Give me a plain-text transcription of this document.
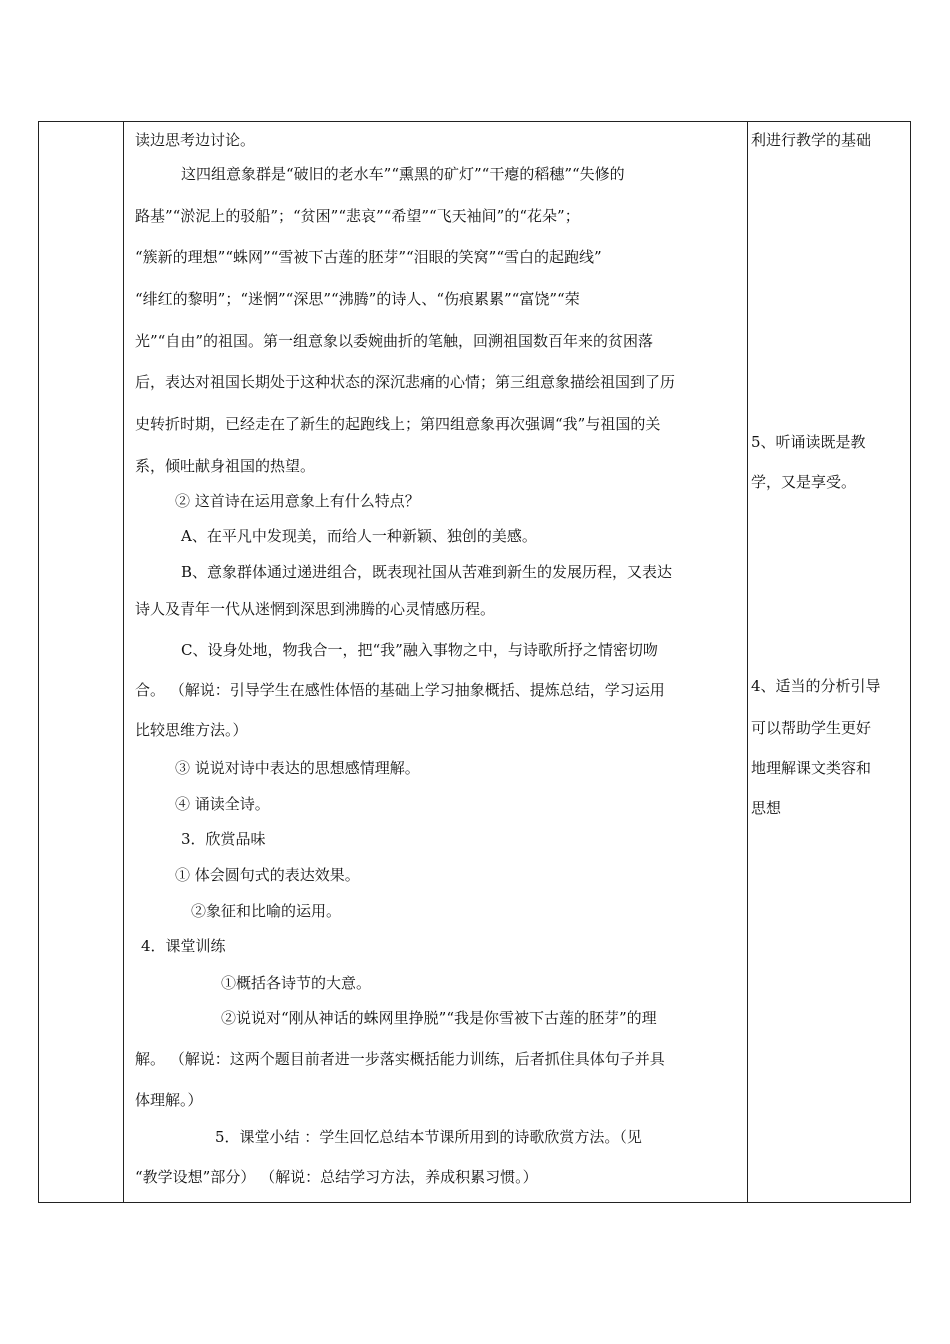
读边思考边讨论。
这四组意象群是“破旧的老水车”“熏黑的矿灯”“干瘪的稻穗”“失修的
路基”“淤泥上的驳船”；“贫困”“悲哀”“希望”“飞天袖间”的“花朵”；
“簇新的理想”“蛛网”“雪被下古莲的胚芽”“泪眼的笑窝”“雪白的起跑线”
“绯红的黎明”；“迷惘”“深思”“沸腾”的诗人、“伤痕累累”“富饶”“荣
光”“自由”的祖国。第一组意象以委婉曲折的笔触，回溯祖国数百年来的贫困落
后，表达对祖国长期处于这种状态的深沉悲痛的心情；第三组意象描绘祖国到了历
史转折时期，已经走在了新生的起跑线上；第四组意象再次强调“我”与祖国的关
系，倾吐献身祖国的热望。
② 这首诗在运用意象上有什么特点？
A、在平凡中发现美，而给人一种新颖、独创的美感。
B、意象群体通过递进组合，既表现社国从苦难到新生的发展历程，又表达
诗人及青年一代从迷惘到深思到沸腾的心灵情感历程。
C、设身处地，物我合一，把“我”融入事物之中，与诗歌所抒之情密切吻
合。 （解说：引导学生在感性体悟的基础上学习抽象概括、提炼总结，学习运用
比较思维方法。）
③ 说说对诗中表达的思想感情理解。
④ 诵读全诗。
3．欣赏品味
① 体会圆句式的表达效果。
②象征和比喻的运用。
4．课堂训练
①概括各诗节的大意。
②说说对“刚从神话的蛛网里挣脱”“我是你雪被下古莲的胚芽”的理
解。 （解说：这两个题目前者进一步落实概括能力训练，后者抓住具体句子并具
体理解。）
5．课堂小结 ：学生回忆总结本节课所用到的诗歌欣赏方法。（见
“教学设想”部分） （解说：总结学习方法，养成积累习惯。）
利进行教学的基础
5、听诵读既是教
学，又是享受。
4、适当的分析引导
可以帮助学生更好
地理解课文类容和
思想
